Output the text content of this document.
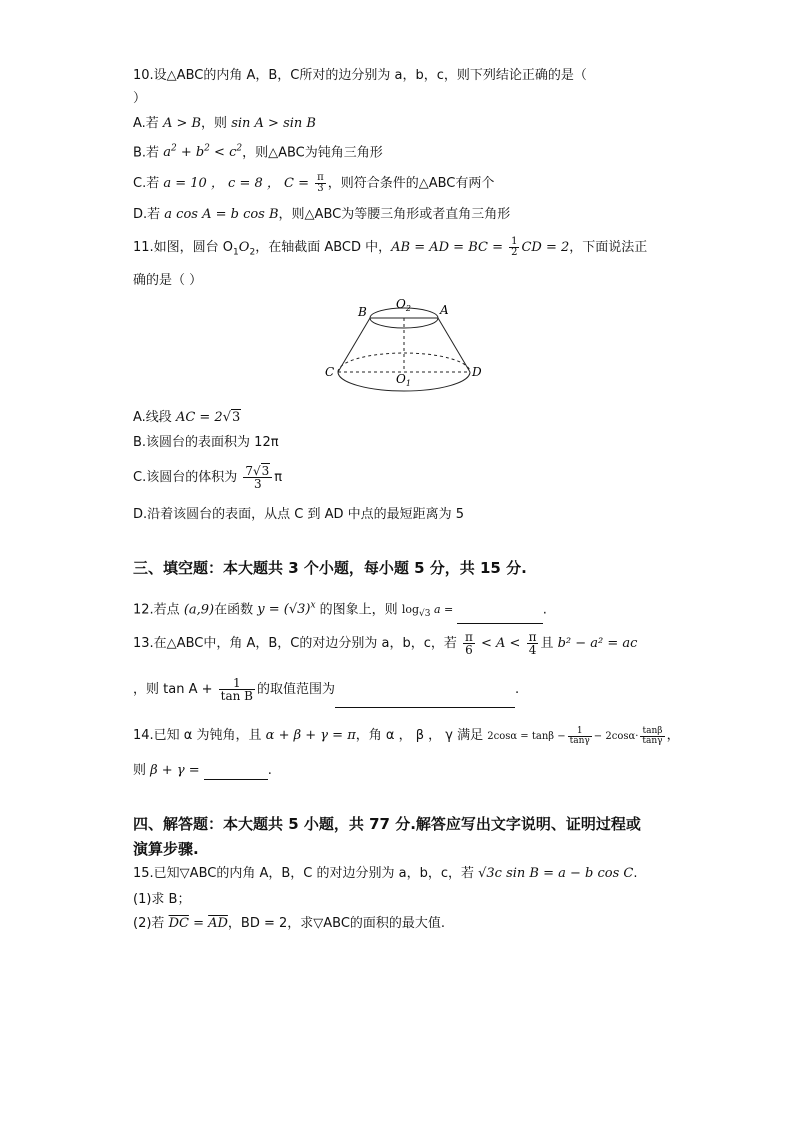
10.设△ABC的内角 A，B，C所对的边分别为 a，b，c，则下列结论正确的是（
）
A.若 A > B，则 sin A > sin B
B.若 $a^2 + b^2 < c^2$，则△ABC为钝角三角形
C.若 a = 10 ， c = 8 ， $C = \frac{\pi}{3}$ ，则符合条件的△ABC有两个
D.若 a cos A = b cos B，则△ABC为等腰三角形或者直角三角形
11.如图，圆台 $O_1O_2$，在轴截面 ABCD 中，AB = AD = BC = $\frac{1}{2}$ CD = 2，下面说法正
确的是（ ）
$O_2$ A
B
C	D
$O_1$
A.线段 AC = 2√3
B.该圆台的表面积为 12π
C.该圆台的体积为 $\frac{7√3}{3}$ π
D.沿着该圆台的表面，从点 C 到 AD 中点的最短距离为 5
三、填空题：本大题共 3 个小题，每小题 5 分，共 15 分.
12.若点 (a,9)在函数 $y = (√3)^x$ 的图象上，则 $\log_{√3} a$ =	.
13.在△ABC中，角 A，B，C的对边分别为 a，b，c，若 $\frac{\pi}{6} < A < \frac{\pi}{4}$ 且 b² − a² = ac
，则 $\tan A + \frac{1}{\text{tan B}}$ 的取值范围为	.
14.已知 α 为钝角，且 α + β + γ = π，角 α ， β ， γ 满足 $2\cos\alpha = \tan\beta - \frac{1}{\tan\gamma} - 2\cos\alpha\cdot \frac{\tan\beta}{\tan\gamma}$ ，
则 β + γ =	.
四、解答题：本大题共 5 小题，共 77 分.解答应写出文字说明、证明过程或
演算步骤.
15.已知▽ABC的内角 A，B，C 的对边分别为 a，b，c，若 √3c sin B = a − b cos C.
(1)求 B；
(2)若 $\overline{DC} = \overline{AD}$，BD = 2，求▽ABC的面积的最大值.
